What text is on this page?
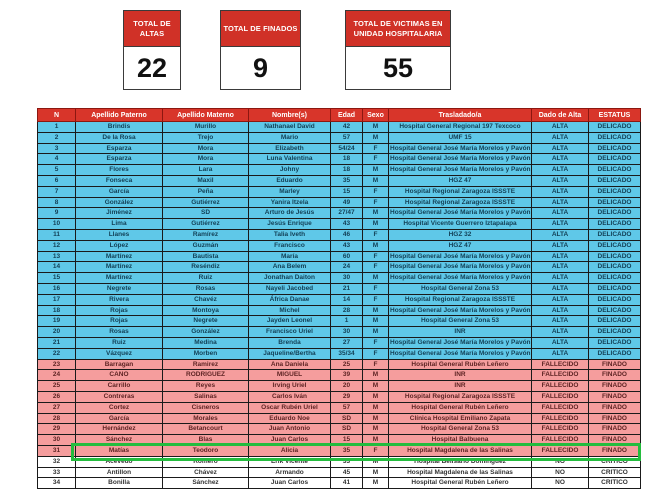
TOTAL DE ALTAS
22
TOTAL DE FINADOS
9
TOTAL DE VICTIMAS EN UNIDAD HOSPITALARIA
55
N	Apellido Paterno	Apellido Materno	Nombre(s)	Edad	Sexo	Trasladado/a	Dado de Alta	ESTATUS
1	Brindis	Murillo	Nathanael David	42	M	Hospital General Regional 197 Texcoco	ALTA	DELICADO
2	De la Rosa	Trejo	Mario	57	M	UMF 15	ALTA	DELICADO
3	Esparza	Mora	Elizabeth	54/24	F	Hospital General José María Morelos y Pavón	ALTA	DELICADO
4	Esparza	Mora	Luna Valentina	18	F	Hospital General José María Morelos y Pavón	ALTA	DELICADO
5	Flores	Lara	Johny	18	M	Hospital General José María Morelos y Pavón	ALTA	DELICADO
6	Fonseca	Maxil	Eduardo	35	M	HGZ 47	ALTA	DELICADO
7	García	Peña	Marley	15	F	Hospital Regional Zaragoza ISSSTE	ALTA	DELICADO
8	González	Gutiérrez	Yanira Itzela	49	F	Hospital Regional Zaragoza ISSSTE	ALTA	DELICADO
9	Jiménez	SD	Arturo de Jesús	27/47	M	Hospital General José María Morelos y Pavón	ALTA	DELICADO
10	Lima	Gutiérrez	Jesús Enrique	43	M	Hospital Vicente Guerrero Iztapalapa	ALTA	DELICADO
11	Llanes	Ramírez	Talia Iveth	46	F	HGZ 32	ALTA	DELICADO
12	López	Guzmán	Francisco	43	M	HGZ 47	ALTA	DELICADO
13	Martínez	Bautista	María	60	F	Hospital General José María Morelos y Pavón	ALTA	DELICADO
14	Martínez	Reséndiz	Ana Belem	24	F	Hospital General José María Morelos y Pavón	ALTA	DELICADO
15	Martínez	Ruiz	Jonathan Daiton	30	M	Hospital General José María Morelos y Pavón	ALTA	DELICADO
16	Negrete	Rosas	Nayeli Jacobed	21	F	Hospital General Zona 53	ALTA	DELICADO
17	Rivera	Chavéz	África Danae	14	F	Hospital Regional Zaragoza ISSSTE	ALTA	DELICADO
18	Rojas	Montoya	Michel	28	M	Hospital General José María Morelos y Pavón	ALTA	DELICADO
19	Rojas	Negrete	Jayden Leonel	1	M	Hospital General Zona 53	ALTA	DELICADO
20	Rosas	González	Francisco Uriel	30	M	INR	ALTA	DELICADO
21	Ruiz	Medina	Brenda	27	F	Hospital General José María Morelos y Pavón	ALTA	DELICADO
22	Vázquez	Morben	Jaqueline/Bertha	35/34	F	Hospital General José María Morelos y Pavón	ALTA	DELICADO
23	Barragan	Ramirez	Ana Daniela	25	F	Hospital General Rubén Leñero	FALLECIDO	FINADO
24	CANO	RODRIGUEZ	MIGUEL	39	M	INR	FALLECIDO	FINADO
25	Carrillo	Reyes	Irving Uriel	20	M	INR	FALLECIDO	FINADO
26	Contreras	Salinas	Carlos Iván	29	M	Hospital Regional Zaragoza ISSSTE	FALLECIDO	FINADO
27	Cortez	Cisneros	Oscar Rubén Uriel	57	M	Hospital General Rubén Leñero	FALLECIDO	FINADO
28	García	Morales	Eduardo Noe	SD	M	Clínica Hospital Emiliano Zapata	FALLECIDO	FINADO
29	Hernández	Betancourt	Juan Antonio	SD	M	Hospital General Zona 53	FALLECIDO	FINADO
30	Sánchez	Blas	Juan Carlos	15	M	Hospital Balbuena	FALLECIDO	FINADO
31	Matías	Teodoro	Alicia	35	F	Hospital Magdalena de las Salinas	FALLECIDO	FINADO
32	Acevedo	Romero	Erik Vicente	33	M	Hospital Belisario Domínguez	NO	CRITICO
33	Antillon	Chávez	Armando	45	M	Hospital Magdalena de las Salinas	NO	CRITICO
34	Bonilla	Sánchez	Juan Carlos	41	M	Hospital General Rubén Leñero	NO	CRITICO
